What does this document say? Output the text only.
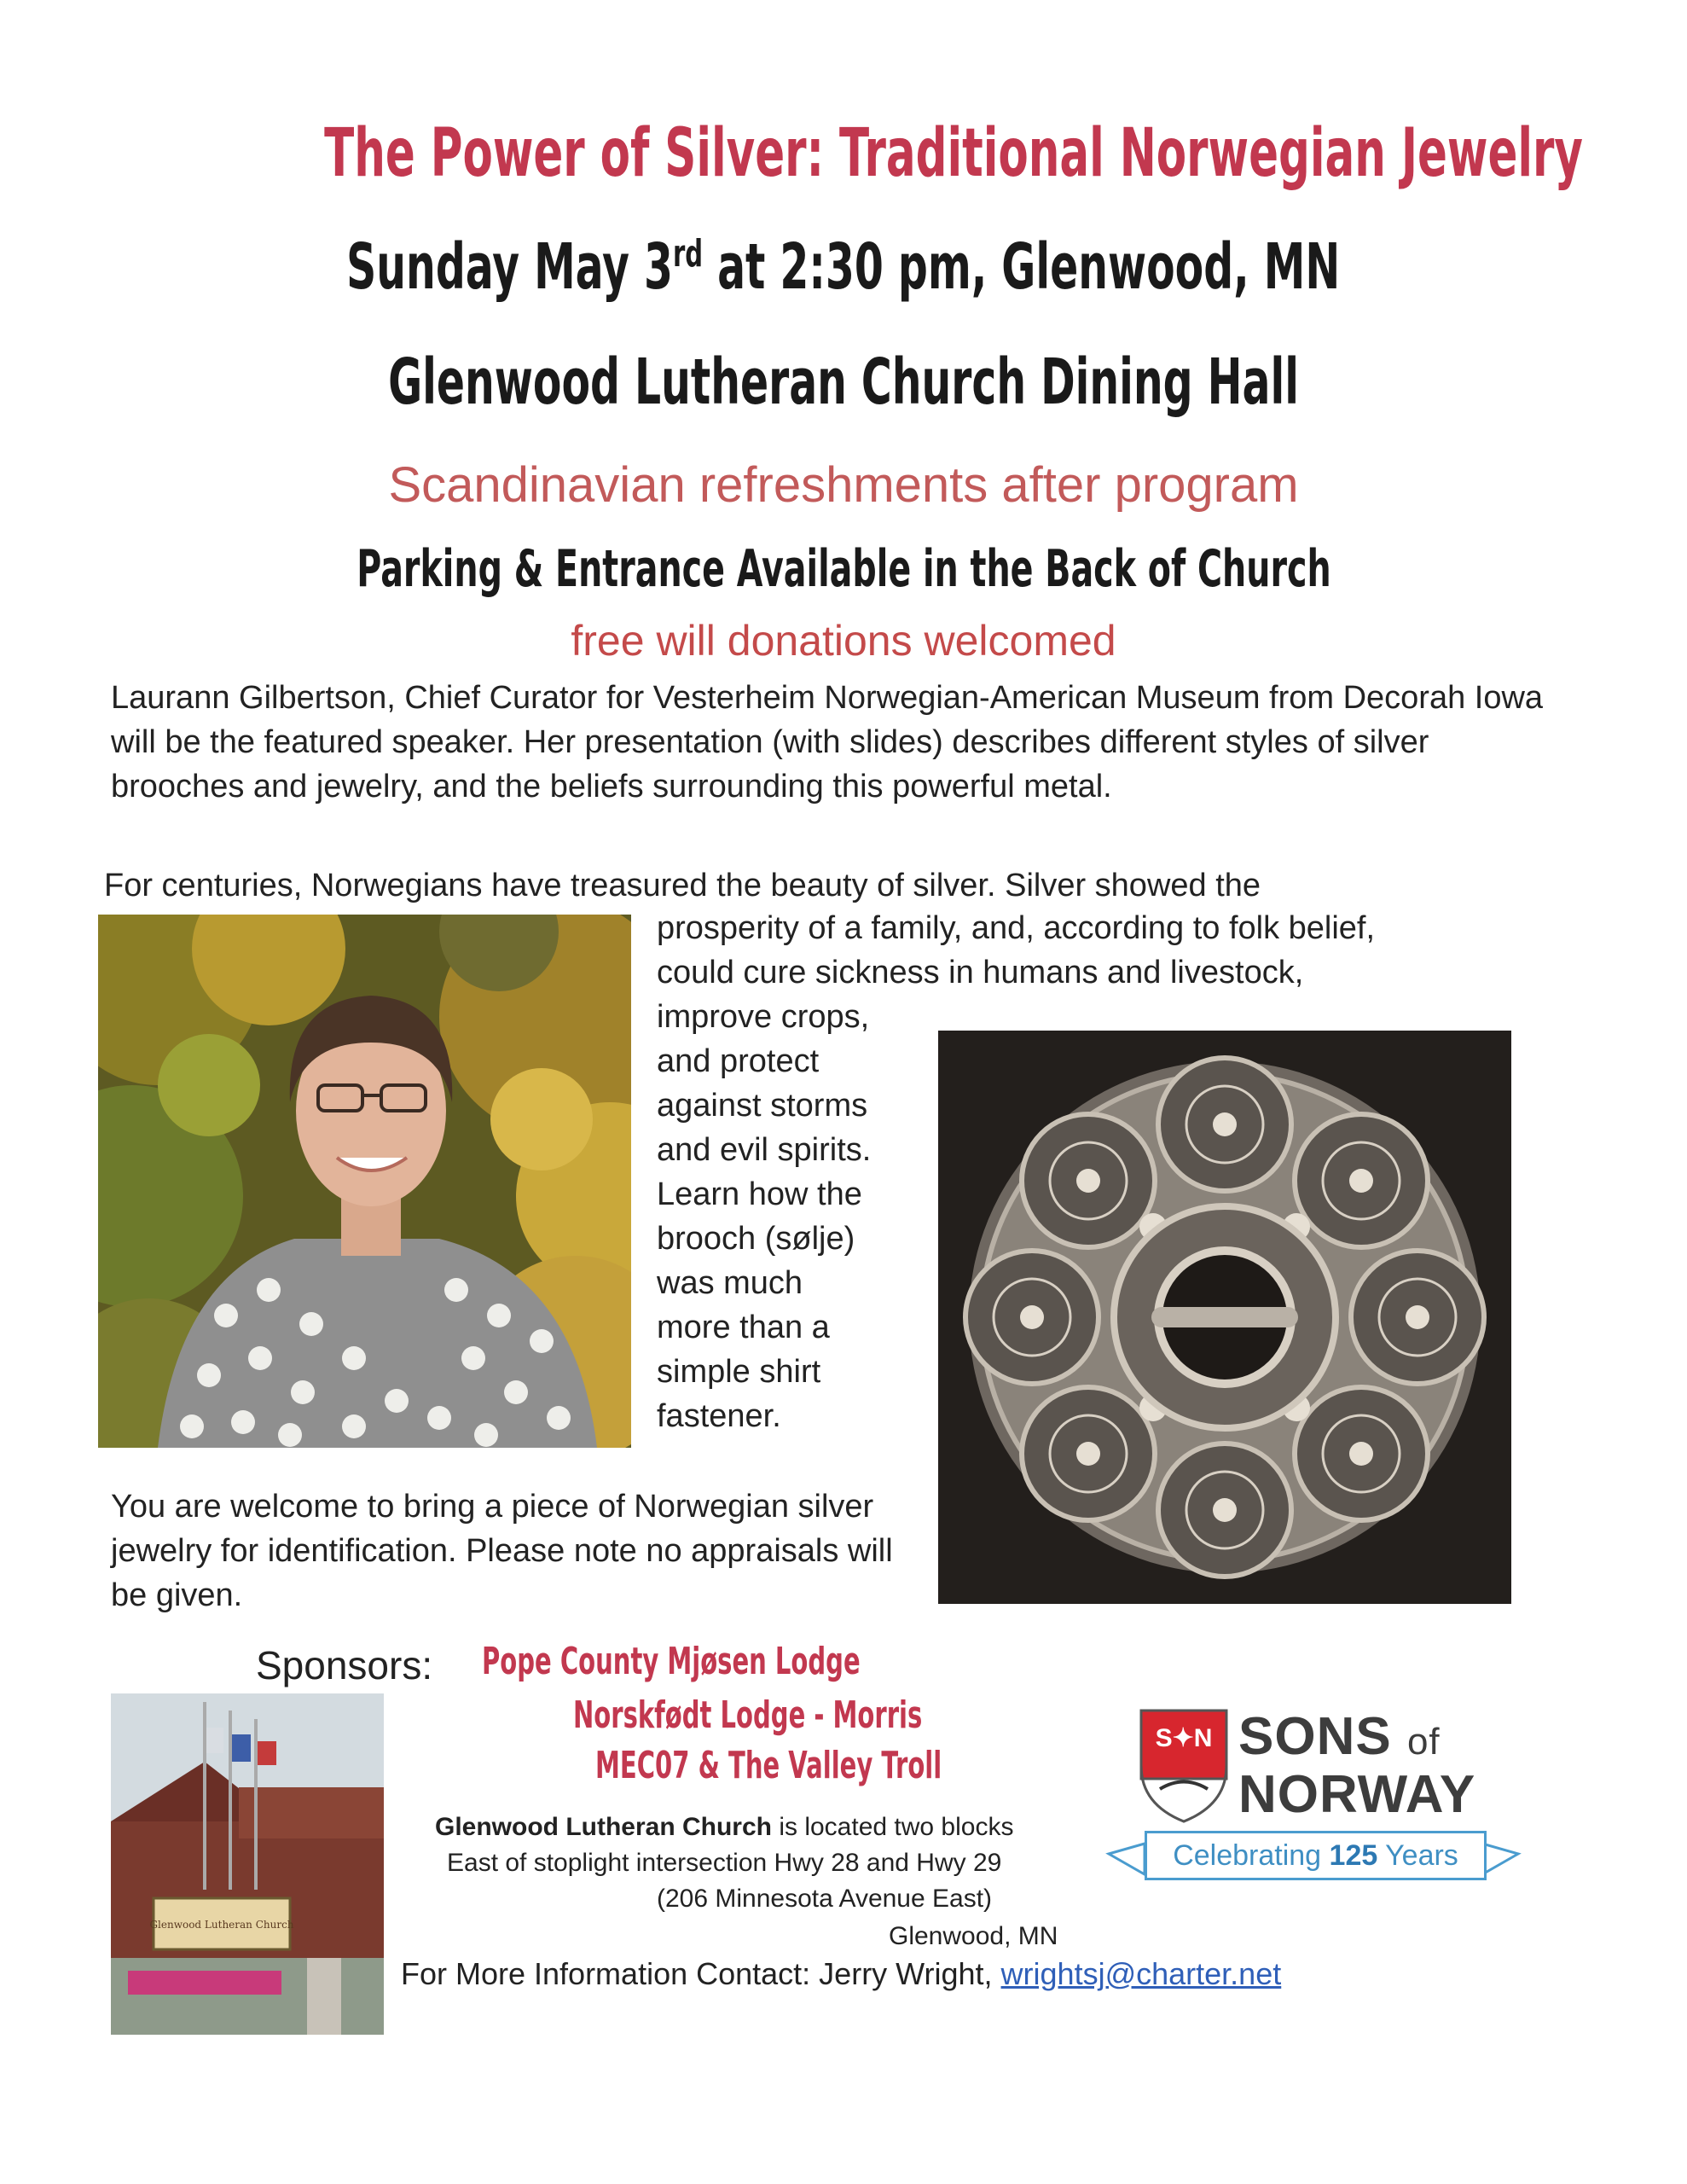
The Power of Silver: Traditional Norwegian Jewelry
Sunday May 3rd at 2:30 pm, Glenwood, MN
Glenwood Lutheran Church Dining Hall
Scandinavian refreshments after program
Parking & Entrance Available in the Back of Church
free will donations welcomed

Laurann Gilbertson, Chief Curator for Vesterheim Norwegian-American Museum from Decorah Iowa will be the featured speaker. Her presentation (with slides) describes different styles of silver brooches and jewelry, and the beliefs surrounding this powerful metal.

For centuries, Norwegians have treasured the beauty of silver. Silver showed the

prosperity of a family, and, according to folk belief,
could cure sickness in humans and livestock,
improve crops,
and protect
against storms
and evil spirits.
Learn how the
brooch (sølje)
was much
more than a
simple shirt
fastener.

You are welcome to bring a piece of Norwegian silver jewelry for identification. Please note no appraisals will be given.

Sponsors: Pope County Mjøsen Lodge
Norskfødt Lodge - Morris
MEC07 & The Valley Troll
Glenwood Lutheran Church
Glenwood Lutheran Church is located two blocks
East of stoplight intersection Hwy 28 and Hwy 29
(206 Minnesota Avenue East)
Glenwood, MN
For More Information Contact: Jerry Wright, wrightsj@charter.net
S✦N SONS of
NORWAY
Celebrating 125 Years
